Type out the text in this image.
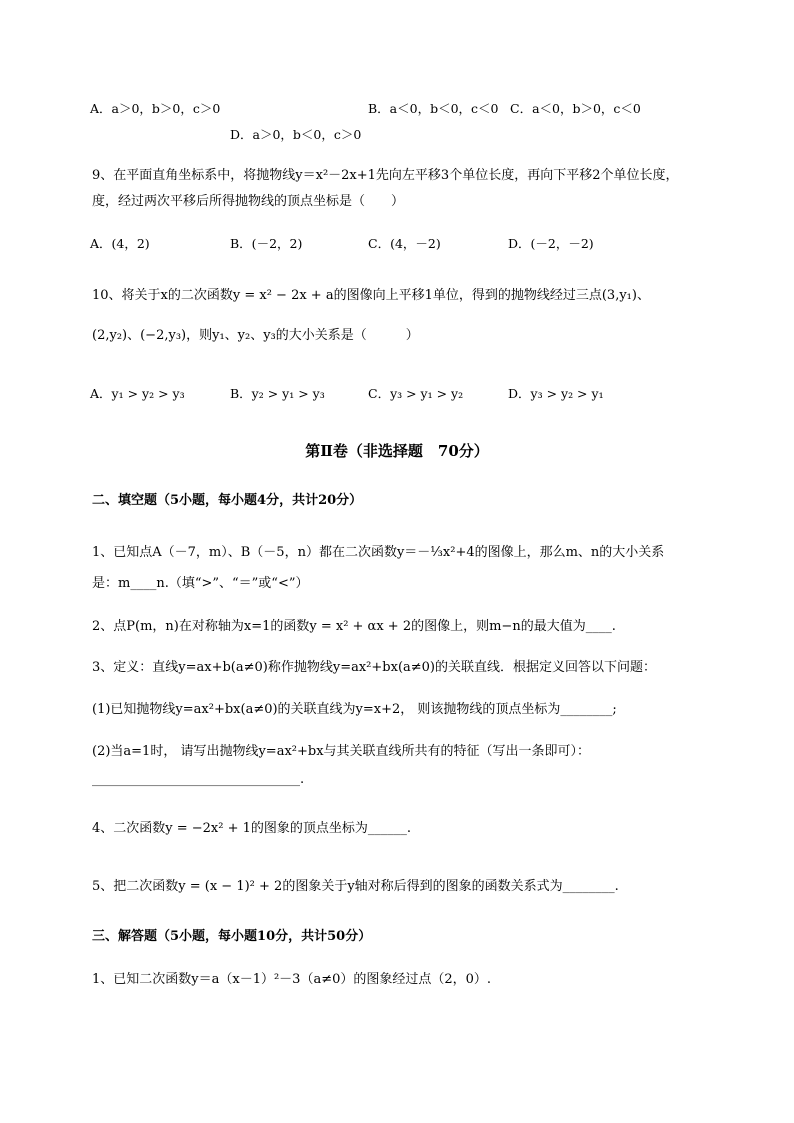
A．a＞0，b＞0，c＞0	B．a＜0，b＜0，c＜0 C．a＜0，b＞0，c＜0
D．a＞0，b＜0，c＞0
9、在平面直角坐标系中，将抛物线y＝x²－2x+1先向左平移3个单位长度，再向下平移2个单位长度，
度，经过两次平移后所得抛物线的顶点坐标是（　　）
A．(4，2)	B．(－2，2)	C．(4，－2)	D．(－2，－2)
10、将关于x的二次函数y = x² − 2x + a的图像向上平移1单位，得到的抛物线经过三点(3,y₁)、
(2,y₂)、(−2,y₃)，则y₁、y₂、y₃的大小关系是（　　　）
A．y₁ > y₂ > y₃	B．y₂ > y₁ > y₃	C．y₃ > y₁ > y₂	D．y₃ > y₂ > y₁
第Ⅱ卷（非选择题　70分）
二、填空题（5小题，每小题4分，共计20分）
1、已知点A（－7，m）、B（－5，n）都在二次函数y＝－⅓x²+4的图像上，那么m、n的大小关系
是：m____n.（填“>”、“＝”或“<”）
2、点P(m，n)在对称轴为x=1的函数y = x² + αx + 2的图像上，则m−n的最大值为____.
3、定义：直线y=ax+b(a≠0)称作抛物线y=ax²+bx(a≠0)的关联直线．根据定义回答以下问题：
(1)已知抛物线y=ax²+bx(a≠0)的关联直线为y=x+2， 则该抛物线的顶点坐标为________;
(2)当a=1时， 请写出抛物线y=ax²+bx与其关联直线所共有的特征（写出一条即可）：
________________________________.
4、二次函数y = −2x² + 1的图象的顶点坐标为______.
5、把二次函数y = (x − 1)² + 2的图象关于y轴对称后得到的图象的函数关系式为________.
三、解答题（5小题，每小题10分，共计50分）
1、已知二次函数y＝a（x－1）²－3（a≠0）的图象经过点（2，0）.
